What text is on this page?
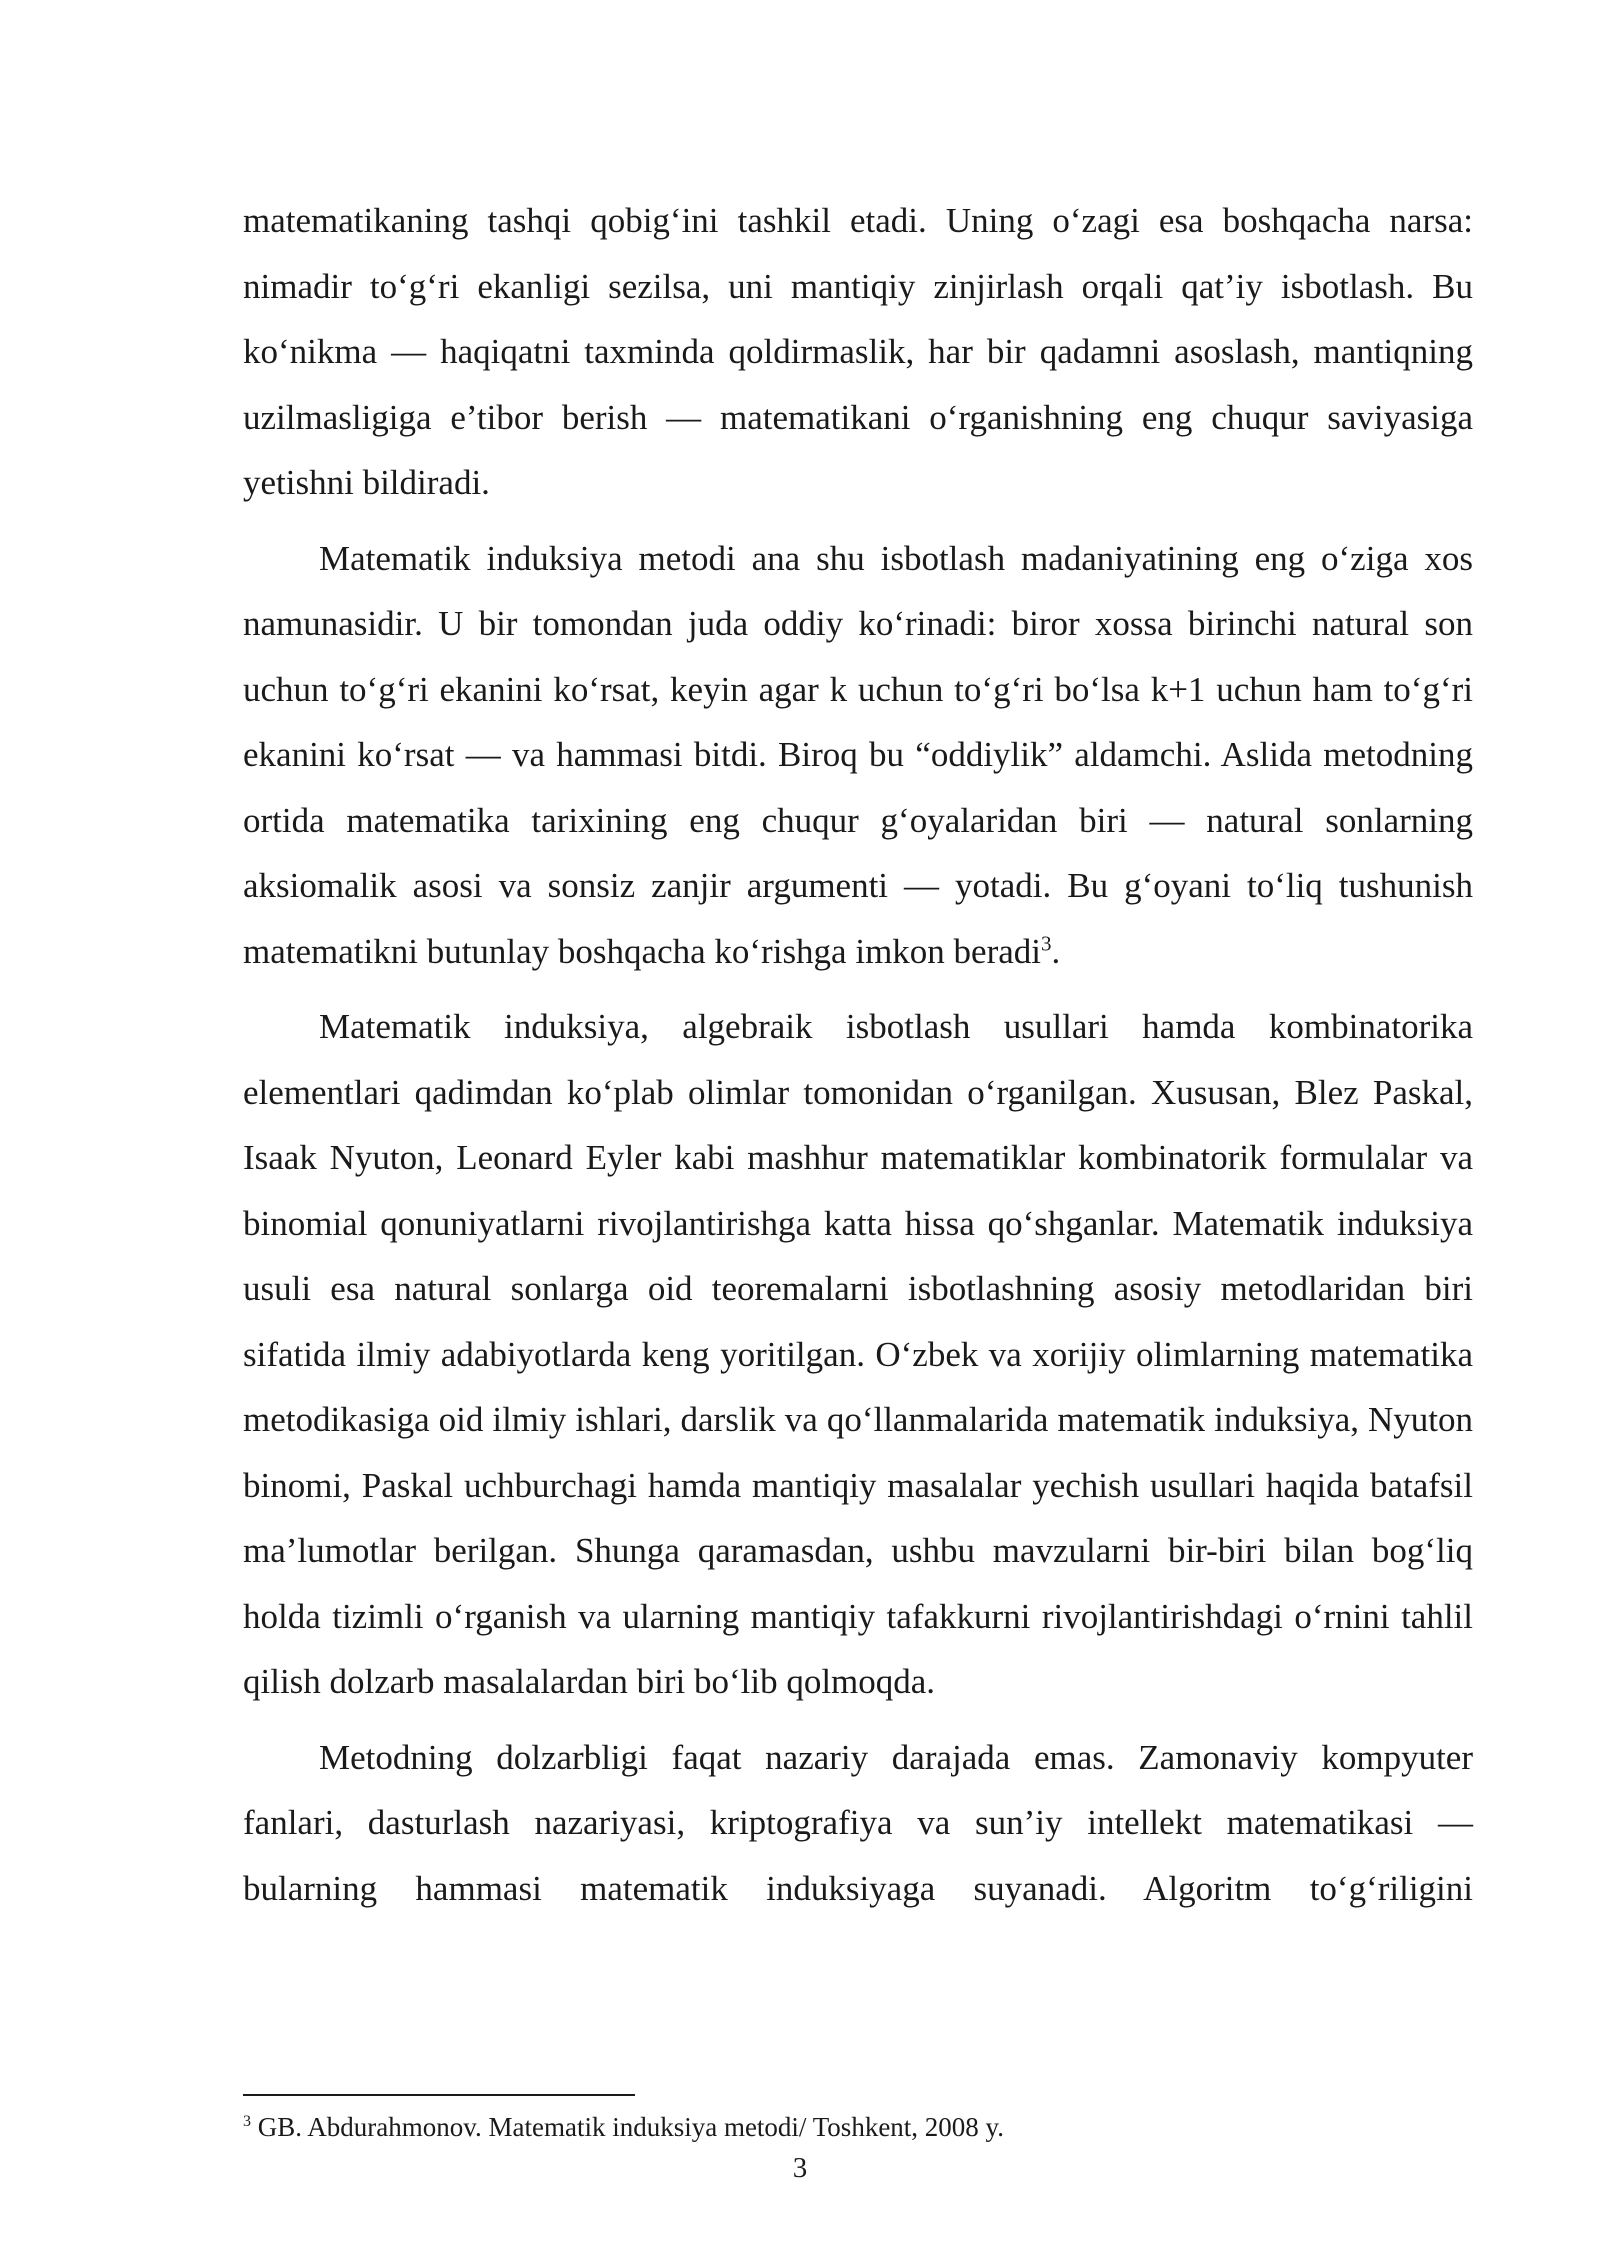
matematikaning tashqi qobig‘ini tashkil etadi. Uning o‘zagi esa boshqacha narsa: nimadir to‘g‘ri ekanligi sezilsa, uni mantiqiy zinjirlash orqali qat’iy isbotlash. Bu ko‘nikma — haqiqatni taxminda qoldirmaslik, har bir qadamni asoslash, mantiqning uzilmasligiga e’tibor berish — matematikani o‘rganishning eng chuqur saviyasiga yetishni bildiradi.

Matematik induksiya metodi ana shu isbotlash madaniyatining eng o‘ziga xos namunasidir. U bir tomondan juda oddiy ko‘rinadi: biror xossa birinchi natural son uchun to‘g‘ri ekanini ko‘rsat, keyin agar k uchun to‘g‘ri bo‘lsa k+1 uchun ham to‘g‘ri ekanini ko‘rsat — va hammasi bitdi. Biroq bu “oddiylik” aldamchi. Aslida metodning ortida matematika tarixining eng chuqur g‘oyalaridan biri — natural sonlarning aksiomalik asosi va sonsiz zanjir argumenti — yotadi. Bu g‘oyani to‘liq tushunish matematikni butunlay boshqacha ko‘rishga imkon beradi$^3$.

Matematik induksiya, algebraik isbotlash usullari hamda kombinatorika elementlari qadimdan ko‘plab olimlar tomonidan o‘rganilgan. Xususan, Blez Paskal, Isaak Nyuton, Leonard Eyler kabi mashhur matematiklar kombinatorik formulalar va binomial qonuniyatlarni rivojlantirishga katta hissa qo‘shganlar. Matematik induksiya usuli esa natural sonlarga oid teoremalarni isbotlashning asosiy metodlaridan biri sifatida ilmiy adabiyotlarda keng yoritilgan. O‘zbek va xorijiy olimlarning matematika metodikasiga oid ilmiy ishlari, darslik va qo‘llanmalarida matematik induksiya, Nyuton binomi, Paskal uchburchagi hamda mantiqiy masalalar yechish usullari haqida batafsil ma’lumotlar berilgan. Shunga qaramasdan, ushbu mavzularni bir-biri bilan bog‘liq holda tizimli o‘rganish va ularning mantiqiy tafakkurni rivojlantirishdagi o‘rnini tahlil qilish dolzarb masalalardan biri bo‘lib qolmoqda.

Metodning dolzarbligi faqat nazariy darajada emas. Zamonaviy kompyuter fanlari, dasturlash nazariyasi, kriptografiya va sun’iy intellekt matematikasi — bularning hammasi matematik induksiyaga suyanadi. Algoritm to‘g‘riligini

$^3$ GB. Abdurahmonov. Matematik induksiya metodi/ Toshkent, 2008 y.
3
